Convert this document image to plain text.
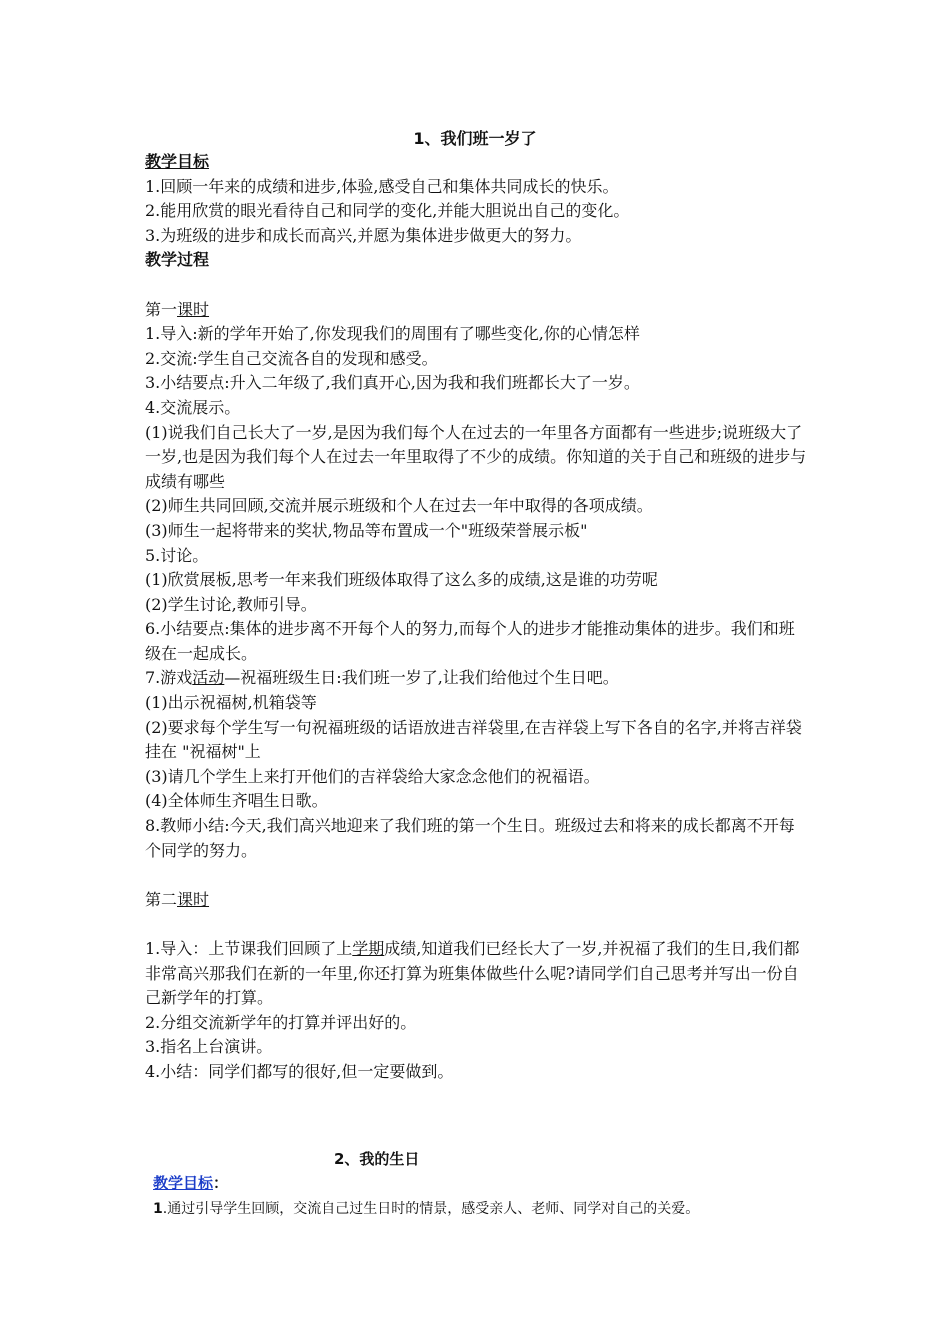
1、我们班一岁了

教学目标

1.回顾一年来的成绩和进步,体验,感受自己和集体共同成长的快乐。

2.能用欣赏的眼光看待自己和同学的变化,并能大胆说出自己的变化。

3.为班级的进步和成长而高兴,并愿为集体进步做更大的努力。

教学过程

第一课时

1.导入:新的学年开始了,你发现我们的周围有了哪些变化,你的心情怎样

2.交流:学生自己交流各自的发现和感受。

3.小结要点:升入二年级了,我们真开心,因为我和我们班都长大了一岁。

4.交流展示。

(1)说我们自己长大了一岁,是因为我们每个人在过去的一年里各方面都有一些进步;说班级大了一岁,也是因为我们每个人在过去一年里取得了不少的成绩。你知道的关于自己和班级的进步与成绩有哪些

(2)师生共同回顾,交流并展示班级和个人在过去一年中取得的各项成绩。

(3)师生一起将带来的奖状,物品等布置成一个"班级荣誉展示板"

5.讨论。

(1)欣赏展板,思考一年来我们班级体取得了这么多的成绩,这是谁的功劳呢

(2)学生讨论,教师引导。

6.小结要点:集体的进步离不开每个人的努力,而每个人的进步才能推动集体的进步。我们和班级在一起成长。

7.游戏活动—祝福班级生日:我们班一岁了,让我们给他过个生日吧。

(1)出示祝福树,机箱袋等

(2)要求每个学生写一句祝福班级的话语放进吉祥袋里,在吉祥袋上写下各自的名字,并将吉祥袋挂在 "祝福树"上

(3)请几个学生上来打开他们的吉祥袋给大家念念他们的祝福语。

(4)全体师生齐唱生日歌。

8.教师小结:今天,我们高兴地迎来了我们班的第一个生日。班级过去和将来的成长都离不开每个同学的努力。

第二课时

1.导入：上节课我们回顾了上学期成绩,知道我们已经长大了一岁,并祝福了我们的生日,我们都非常高兴那我们在新的一年里,你还打算为班集体做些什么呢?请同学们自己思考并写出一份自己新学年的打算。

2.分组交流新学年的打算并评出好的。

3.指名上台演讲。

4.小结：同学们都写的很好,但一定要做到。

2、我的生日
教学目标：
1.通过引导学生回顾，交流自己过生日时的情景，感受亲人、老师、同学对自己的关爱。
